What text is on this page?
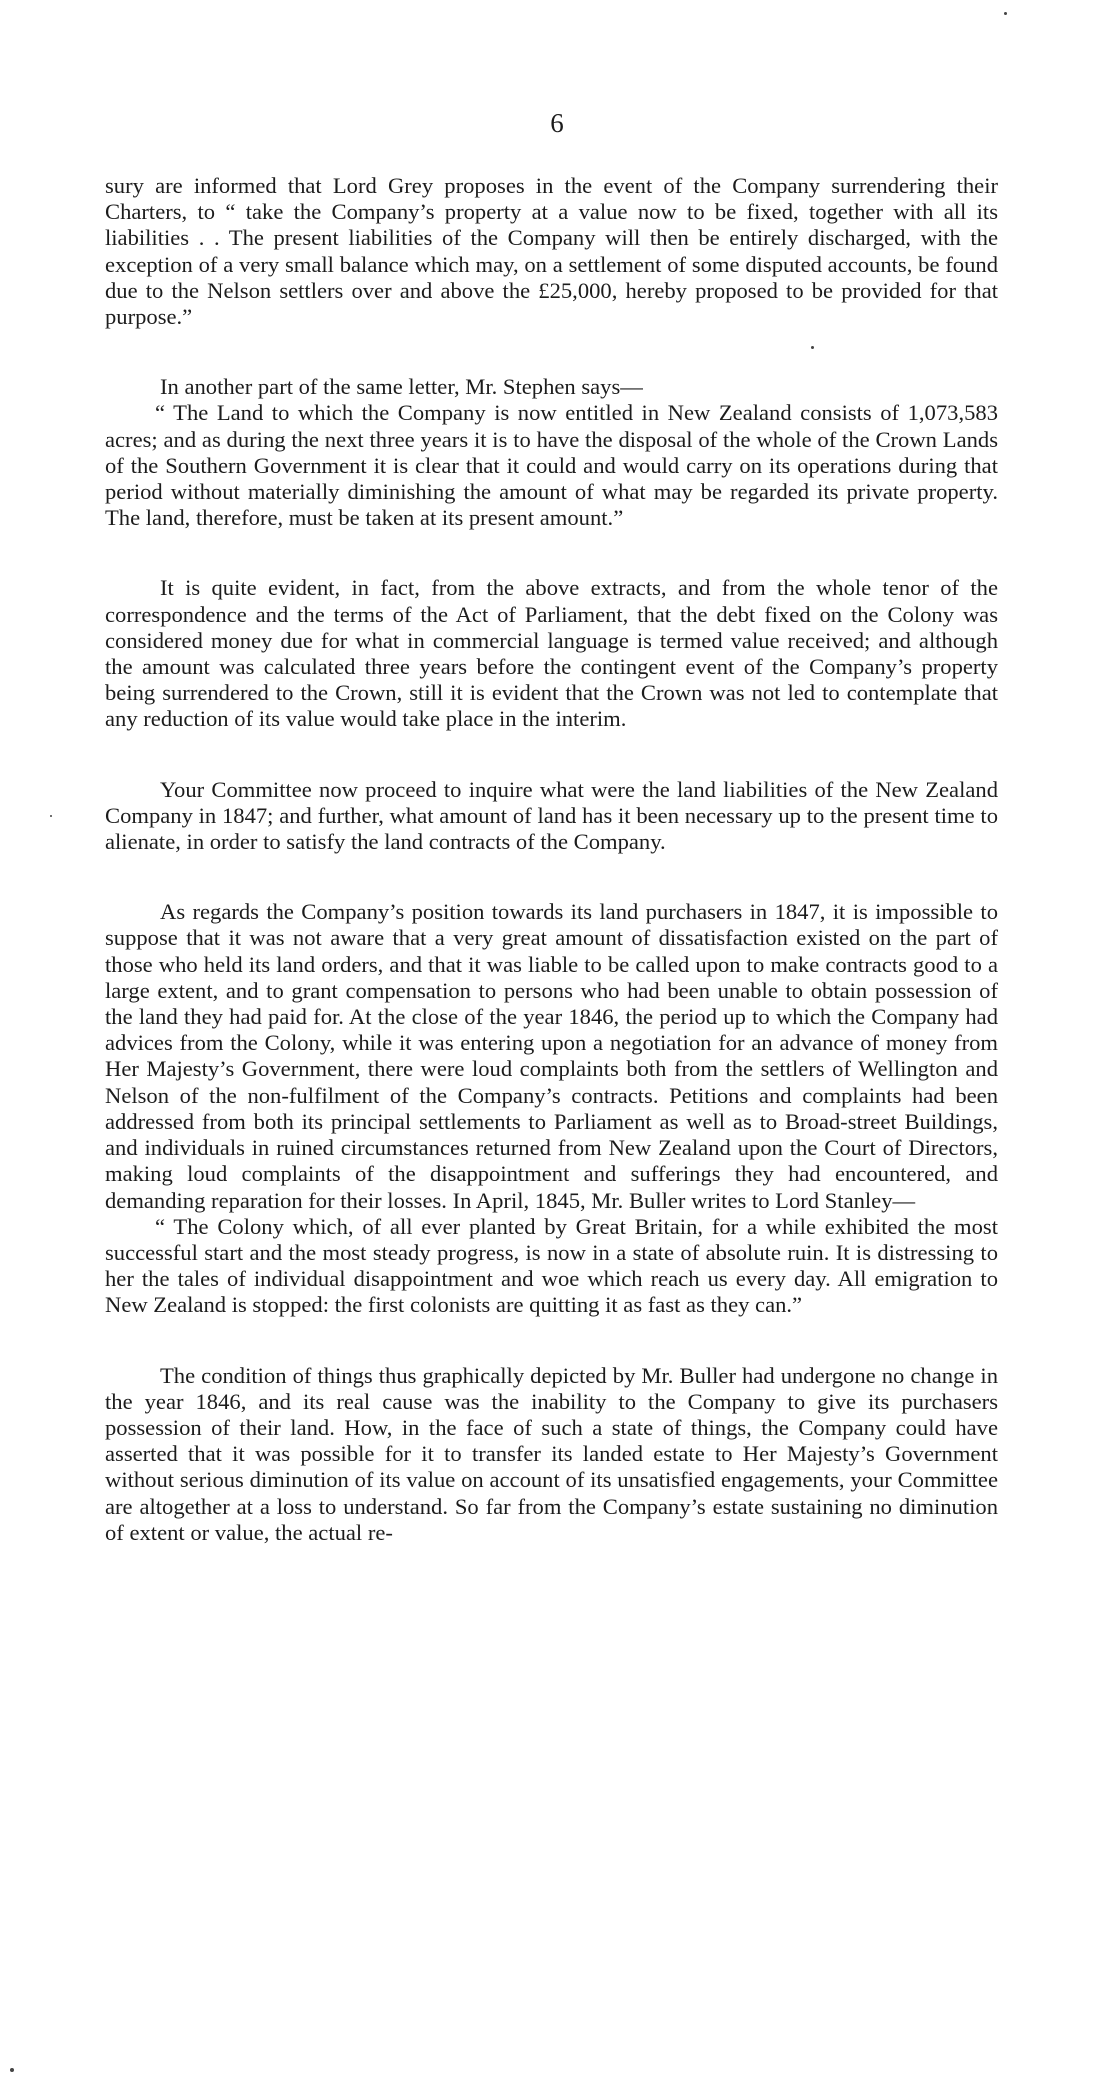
6

sury are informed that Lord Grey proposes in the event of the Company surrendering their Charters, to “ take the Company’s property at a value now to be fixed, together with all its liabilities . . The present liabilities of the Company will then be entirely discharged, with the exception of a very small balance which may, on a settlement of some disputed accounts, be found due to the Nelson settlers over and above the £25,000, hereby proposed to be provided for that purpose.”

In another part of the same letter, Mr. Stephen says—

“ The Land to which the Company is now entitled in New Zealand consists of 1,073,583 acres; and as during the next three years it is to have the disposal of the whole of the Crown Lands of the Southern Government it is clear that it could and would carry on its operations during that period without materially diminishing the amount of what may be regarded its private property. The land, therefore, must be taken at its present amount.”

It is quite evident, in fact, from the above extracts, and from the whole tenor of the correspondence and the terms of the Act of Parliament, that the debt fixed on the Colony was considered money due for what in commercial language is termed value received; and although the amount was calculated three years before the contingent event of the Company’s property being surrendered to the Crown, still it is evident that the Crown was not led to contemplate that any reduction of its value would take place in the interim.

Your Committee now proceed to inquire what were the land liabilities of the New Zealand Company in 1847; and further, what amount of land has it been necessary up to the present time to alienate, in order to satisfy the land contracts of the Company.

As regards the Company’s position towards its land purchasers in 1847, it is impossible to suppose that it was not aware that a very great amount of dissatisfaction existed on the part of those who held its land orders, and that it was liable to be called upon to make contracts good to a large extent, and to grant compensation to persons who had been unable to obtain possession of the land they had paid for. At the close of the year 1846, the period up to which the Company had advices from the Colony, while it was entering upon a negotiation for an advance of money from Her Majesty’s Government, there were loud complaints both from the settlers of Wellington and Nelson of the non-fulfilment of the Company’s contracts. Petitions and complaints had been addressed from both its principal settlements to Parliament as well as to Broad-street Buildings, and individuals in ruined circumstances returned from New Zealand upon the Court of Directors, making loud complaints of the disappointment and sufferings they had encountered, and demanding reparation for their losses. In April, 1845, Mr. Buller writes to Lord Stanley—

“ The Colony which, of all ever planted by Great Britain, for a while exhibited the most successful start and the most steady progress, is now in a state of absolute ruin. It is distressing to her the tales of individual disappointment and woe which reach us every day. All emigration to New Zealand is stopped: the first colonists are quitting it as fast as they can.”

The condition of things thus graphically depicted by Mr. Buller had undergone no change in the year 1846, and its real cause was the inability to the Company to give its purchasers possession of their land. How, in the face of such a state of things, the Company could have asserted that it was possible for it to transfer its landed estate to Her Majesty’s Government without serious diminution of its value on account of its unsatisfied engagements, your Committee are altogether at a loss to understand. So far from the Company’s estate sustaining no diminution of extent or value, the actual re-
